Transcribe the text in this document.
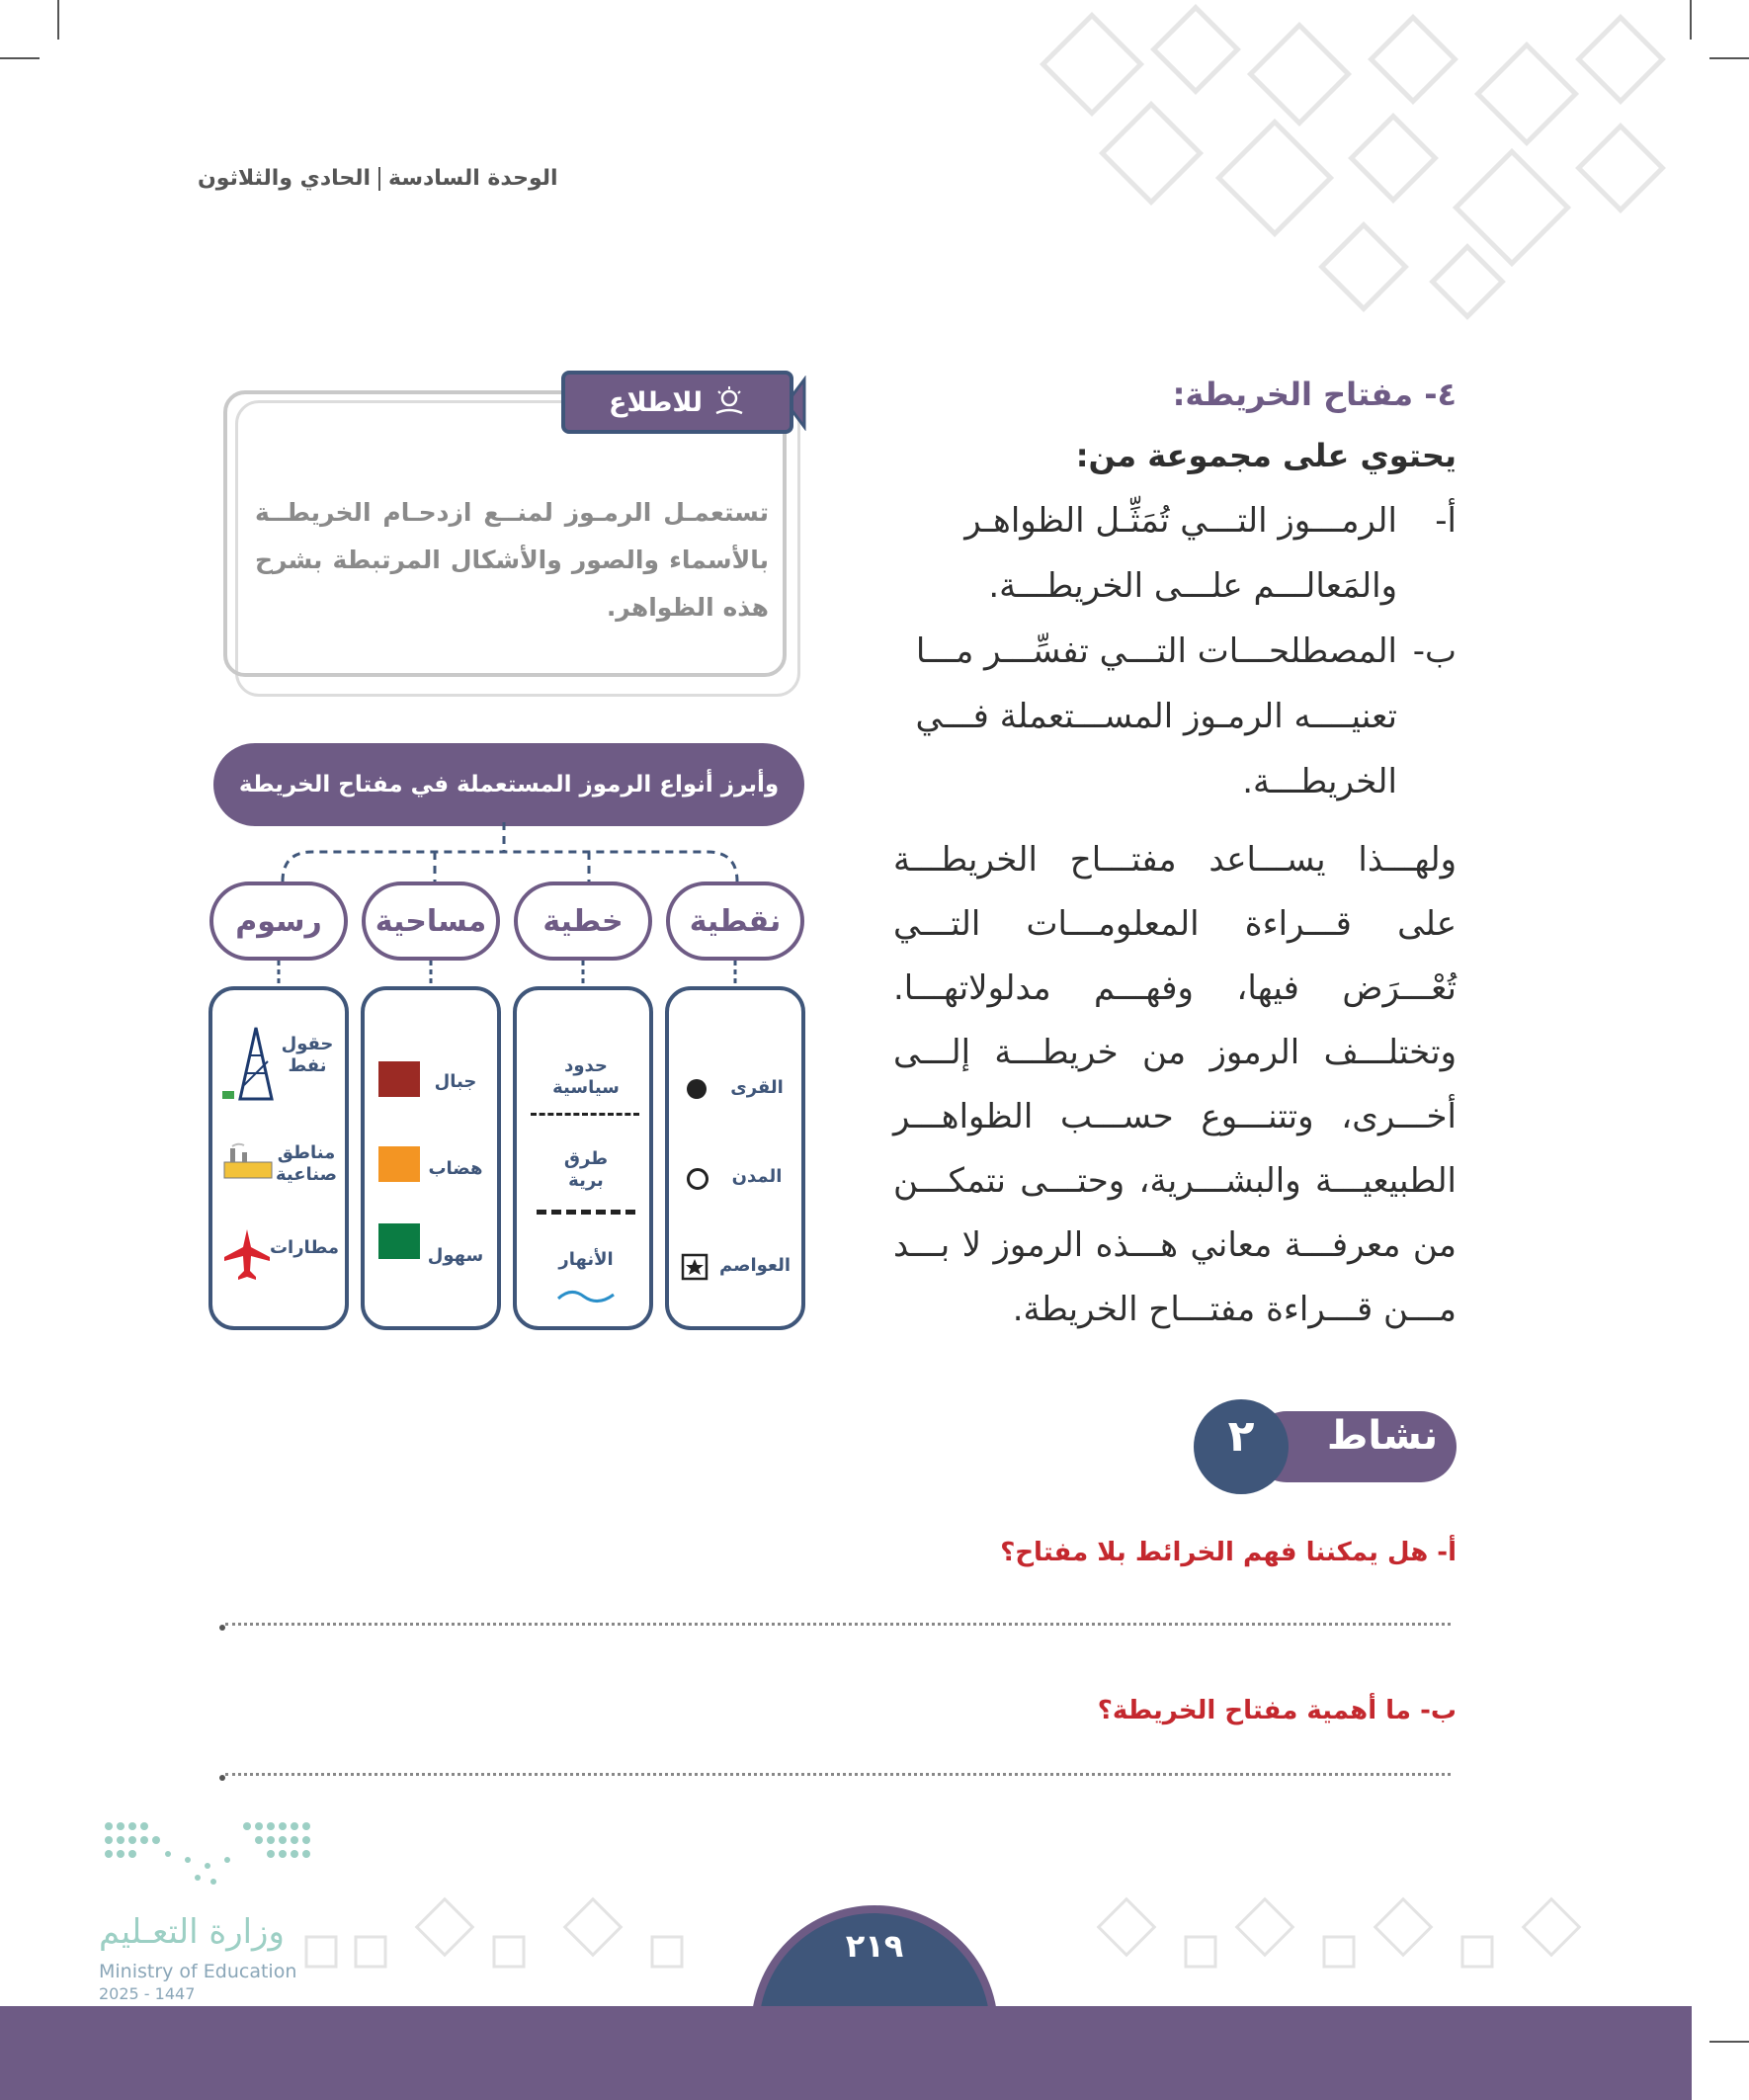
الوحدة السادسةالحادي والثلاثون
٤- مفتاح الخريطة:
يحتوي على مجموعة من:
أ-
الرمـــوز التـــي تُمَثِّـل الظواهـر والمَعالـــم علـــى الخريطـــة.
ب-
المصطلحـــات التـــي تفسِّـــر مـــا تعنيــــه الرمـوز المســـتعملة فـــي الخريطـــة.
ولهـــذا يســـاعد مفتـــاح الخريطـــة على قـــراءة المعلومـــات التـــي تُعْـــرَض فيها، وفهـــم مدلولاتهـــا. وتختلـــف الرموز من خريطـــة إلـــى أخـــرى، وتتنـــوع حســـب الظواهـــر الطبيعيـــة والبشـــرية، وحتـــى نتمكـــن من معرفـــة معاني هـــذه الرموز لا بـــد مـــن قـــراءة مفتـــاح الخريطة.
للاطلاع
تستعمـل الرمـوز لمنــع ازدحـام الخريطــة بالأسماء والصور والأشكال المرتبطة بشرح هذه الظواهر.
وأبرز أنواع الرموز المستعملة في مفتاح الخريطة
نقطية
خطية
مساحية
رسوم
القرى
المدن
العواصم
حدود سياسية
طرق برية
الأنهار
جبال
هضاب
سهول
حقول نفط
مناطق صناعية
مطارات
نشاط
٢
أ- هل يمكننا فهم الخرائط بلا مفتاح؟
ب- ما أهمية مفتاح الخريطة؟
٢١٩
وزارة التعـليم
Ministry of Education
2025 - 1447
